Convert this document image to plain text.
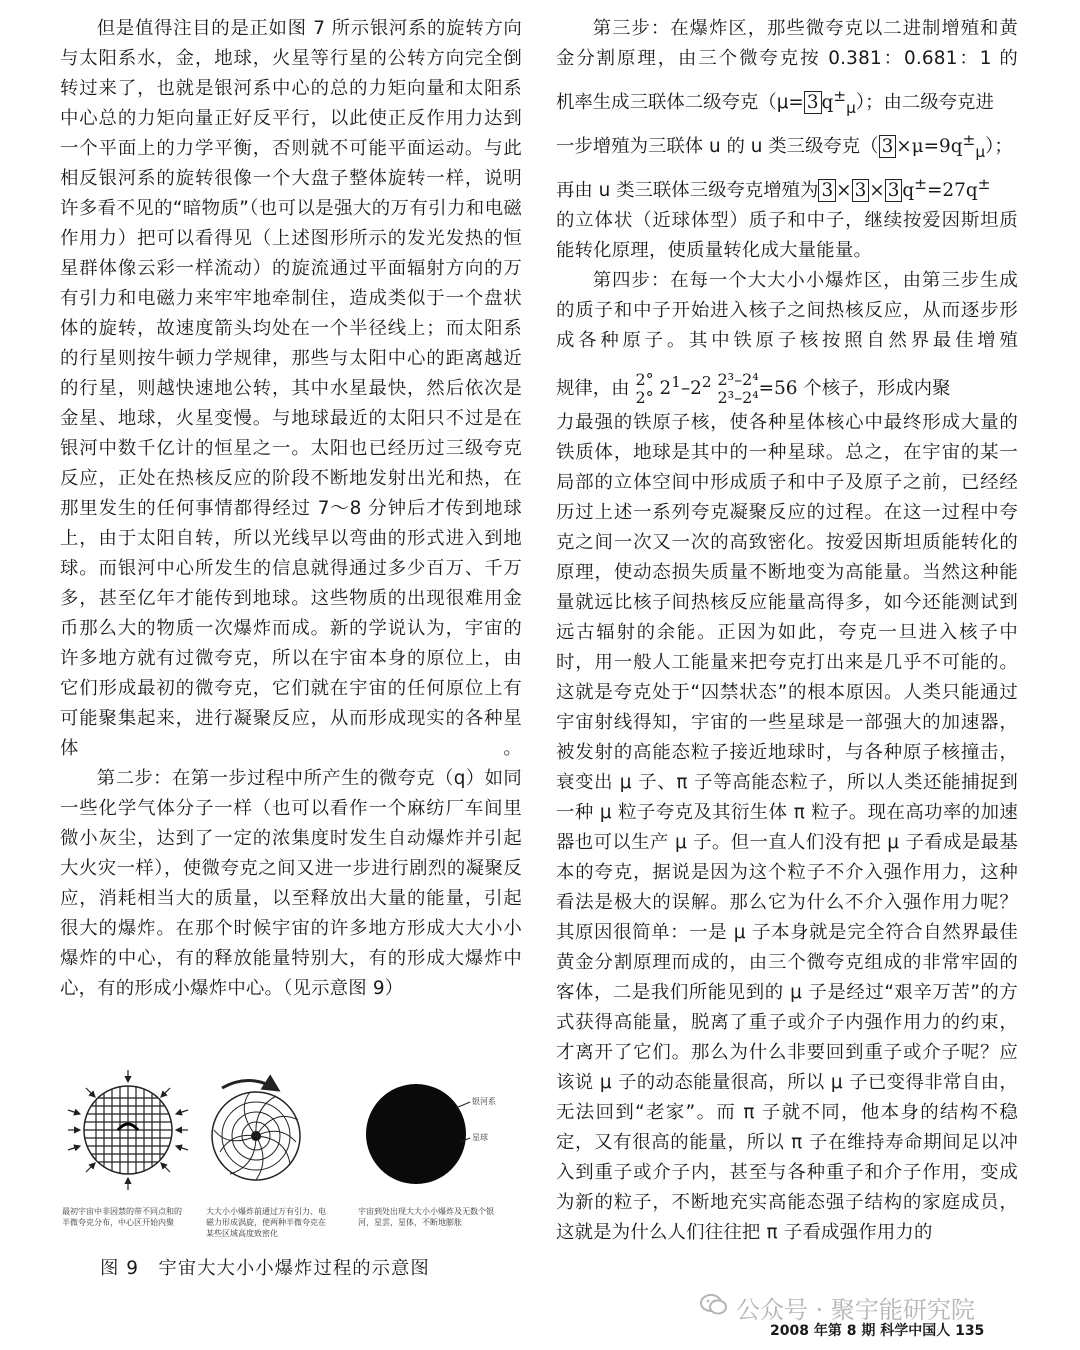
但是值得注目的是正如图 7 所示银河系的旋转方向与太阳系水，金，地球，火星等行星的公转方向完全倒转过来了，也就是银河系中心的总的力矩向量和太阳系中心总的力矩向量正好反平行，以此使正反作用力达到一个平面上的力学平衡，否则就不可能平面运动。与此相反银河系的旋转很像一个大盘子整体旋转一样，说明许多看不见的“暗物质”（也可以是强大的万有引力和电磁作用力）把可以看得见（上述图形所示的发光发热的恒星群体像云彩一样流动）的旋流通过平面辐射方向的万有引力和电磁力来牢牢地牵制住，造成类似于一个盘状体的旋转，故速度箭头均处在一个半径线上；而太阳系的行星则按牛顿力学规律，那些与太阳中心的距离越近的行星，则越快速地公转，其中水星最快，然后依次是金星、地球，火星变慢。与地球最近的太阳只不过是在银河中数千亿计的恒星之一。太阳也已经历过三级夸克反应，正处在热核反应的阶段不断地发射出光和热，在那里发生的任何事情都得经过 7～8 分钟后才传到地球上，由于太阳自转，所以光线早以弯曲的形式进入到地球。而银河中心所发生的信息就得通过多少百万、千万多，甚至亿年才能传到地球。这些物质的出现很难用金币那么大的物质一次爆炸而成。新的学说认为，宇宙的许多地方就有过微夸克，所以在宇宙本身的原位上，由它们形成最初的微夸克，它们就在宇宙的任何原位上有可能聚集起来，进行凝聚反应，从而形成现实的各种星体。

第二步：在第一步过程中所产生的微夸克（q）如同一些化学气体分子一样（也可以看作一个麻纺厂车间里微小灰尘，达到了一定的浓集度时发生自动爆炸并引起大火灾一样），使微夸克之间又进一步进行剧烈的凝聚反应，消耗相当大的质量，以至释放出大量的能量，引起很大的爆炸。在那个时候宇宙的许多地方形成大大小小爆炸的中心，有的释放能量特别大，有的形成大爆炸中心，有的形成小爆炸中心。（见示意图 9）

银河系
星球
最初宇宙中非因禁的带不同点和的半微夸克分布，中心区开始内聚
大大小小爆炸前通过万有引力、电磁力形成涡旋，使两种半微夸克在某些区域高度致密化
宇宙到处出现大大小小爆炸及无数个银河，星雲，星体，不断地膨胀
图 9　宇宙大大小小爆炸过程的示意图

第三步：在爆炸区，那些微夸克以二进制增殖和黄金分割原理，由三个微夸克按 0.381：0.681：1 的

机率生成三联体二级夸克（μ= 3 $q^\pm_\mu$）；由二级夸克进
一步增殖为三联体 u 的 u 类三级夸克（ $3 \times\mu=9q^\pm_\mu$）；
再由 u 类三联体三级夸克增殖为 3 × 3 × 3 q±=27q±

的立体状（近球体型）质子和中子，继续按爱因斯坦质能转化原理，使质量转化成大量能量。

第四步：在每一个大大小小爆炸区，由第三步生成的质子和中子开始进入核子之间热核反应，从而逐步形成各种原子。其中铁原子核按照自然界最佳增殖

规律，由 2°
2° $2^1-2^2$ 2³–2⁴
2³–2⁴=56 个核子，形成内聚

力最强的铁原子核，使各种星体核心中最终形成大量的铁质体，地球是其中的一种星球。总之，在宇宙的某一局部的立体空间中形成质子和中子及原子之前，已经经历过上述一系列夸克凝聚反应的过程。在这一过程中夸克之间一次又一次的高致密化。按爱因斯坦质能转化的原理，使动态损失质量不断地变为高能量。当然这种能量就远比核子间热核反应能量高得多，如今还能测试到远古辐射的余能。正因为如此，夸克一旦进入核子中时，用一般人工能量来把夸克打出来是几乎不可能的。这就是夸克处于“囚禁状态”的根本原因。人类只能通过宇宙射线得知，宇宙的一些星球是一部强大的加速器，被发射的高能态粒子接近地球时，与各种原子核撞击，衰变出 μ 子、π 子等高能态粒子，所以人类还能捕捉到一种 μ 粒子夸克及其衍生体 π 粒子。现在高功率的加速器也可以生产 μ 子。但一直人们没有把 μ 子看成是最基本的夸克，据说是因为这个粒子不介入强作用力，这种看法是极大的误解。那么它为什么不介入强作用力呢？其原因很简单：一是 μ 子本身就是完全符合自然界最佳黄金分割原理而成的，由三个微夸克组成的非常牢固的客体，二是我们所能见到的 μ 子是经过“艰辛万苦”的方式获得高能量，脱离了重子或介子内强作用力的约束，才离开了它们。那么为什么非要回到重子或介子呢？应该说 μ 子的动态能量很高，所以 μ 子已变得非常自由，无法回到“老家”。而 π 子就不同，他本身的结构不稳定，又有很高的能量，所以 π 子在维持寿命期间足以冲入到重子或介子内，甚至与各种重子和介子作用，变成为新的粒子，不断地充实高能态强子结构的家庭成员，这就是为什么人们往往把 π 子看成强作用力的

公众号 · 聚宇能研究院
2008 年第 8 期 科学中国人 135
